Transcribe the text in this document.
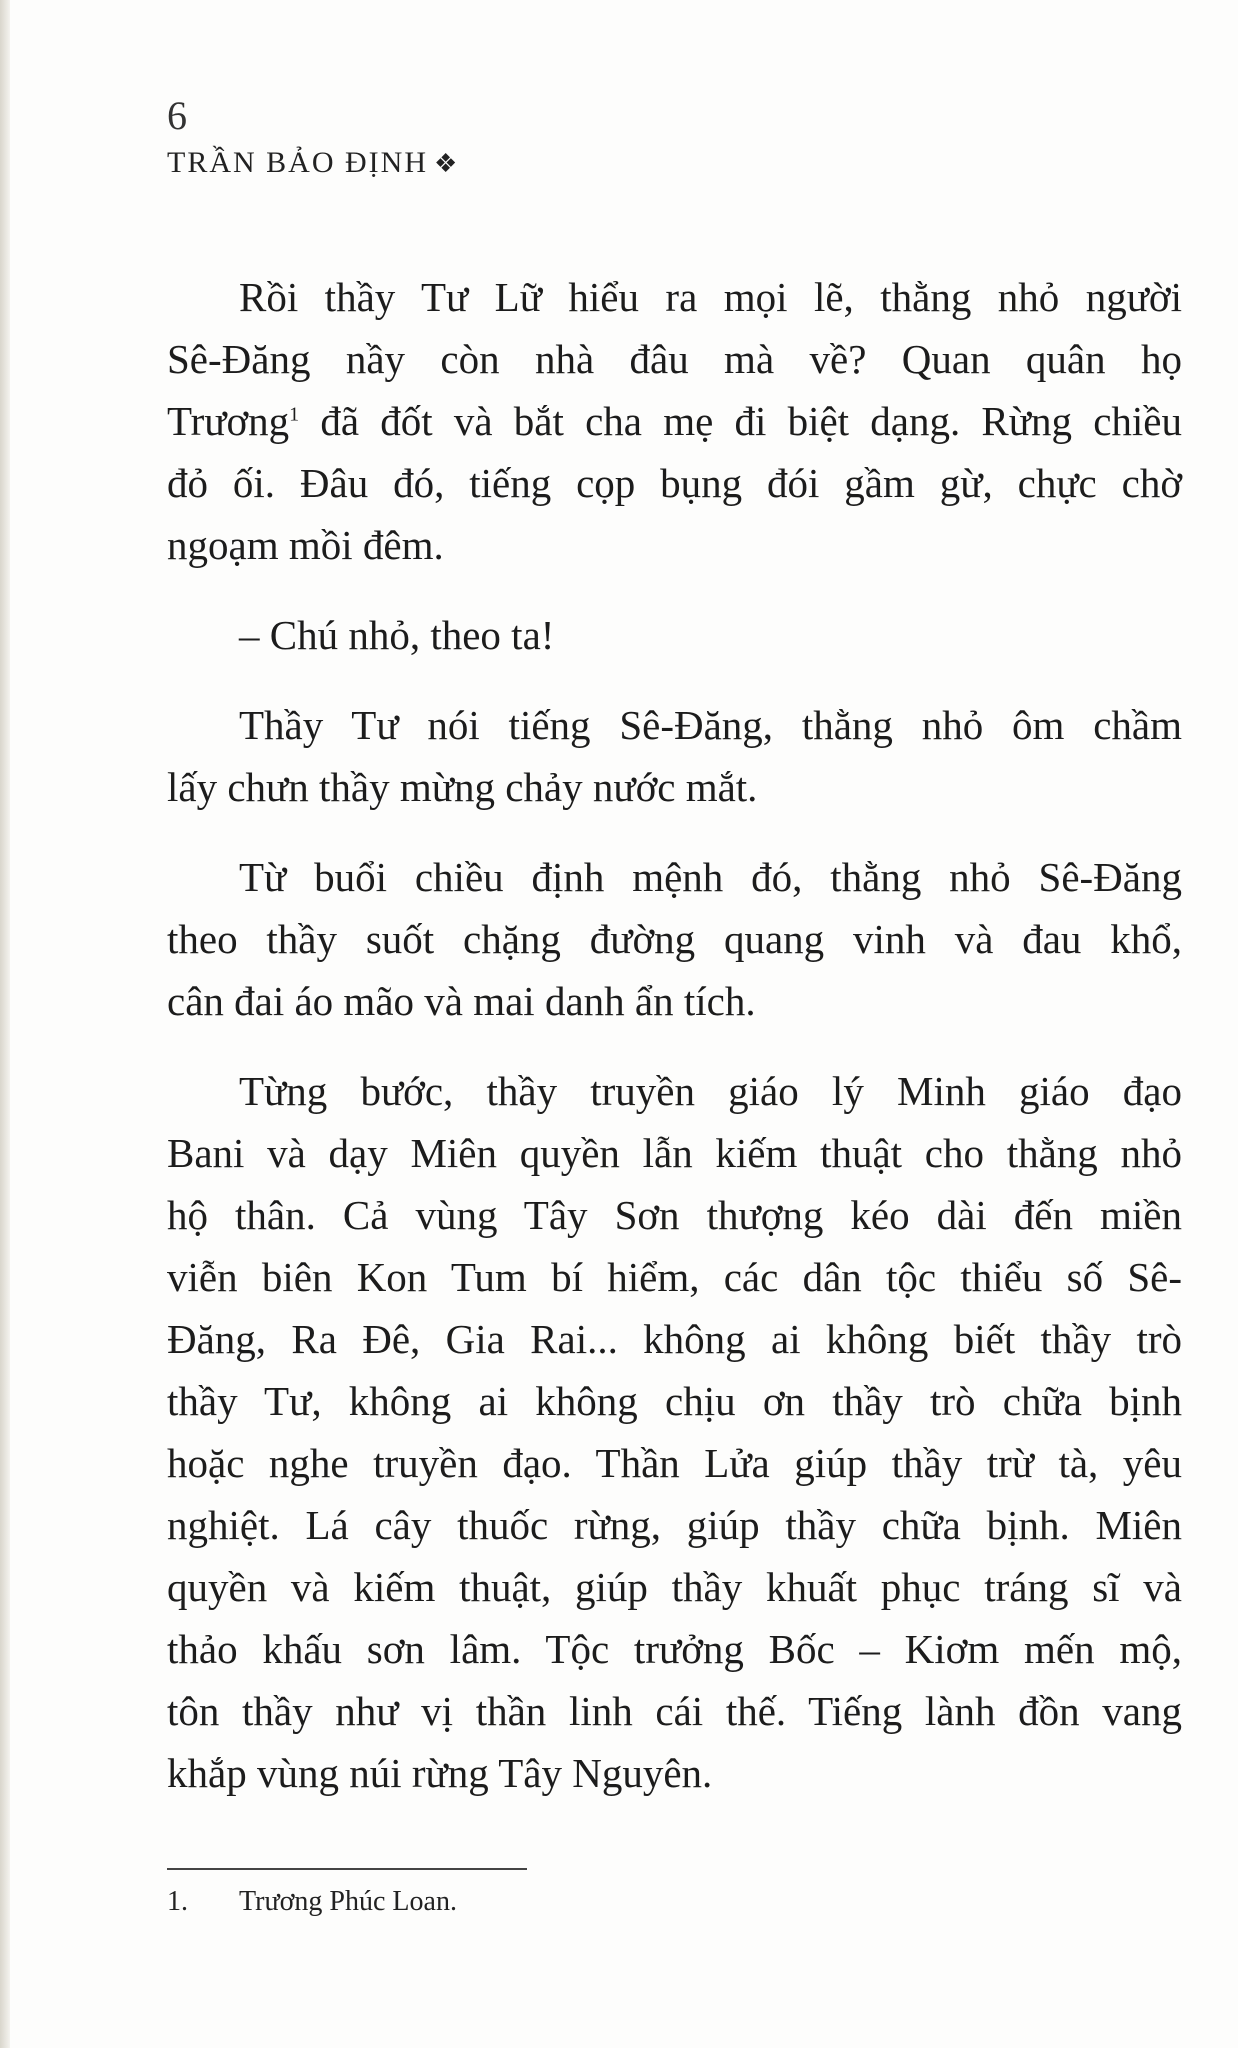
6
TRẦN BẢO ĐỊNH ❖
Rồi thầy Tư Lữ hiểu ra mọi lẽ, thằng nhỏ người
Sê-Đăng nầy còn nhà đâu mà về? Quan quân họ
Trương$^1$ đã đốt và bắt cha mẹ đi biệt dạng. Rừng chiều
đỏ ối. Đâu đó, tiếng cọp bụng đói gầm gừ, chực chờ
ngoạm mồi đêm.
– Chú nhỏ, theo ta!
Thầy Tư nói tiếng Sê-Đăng, thằng nhỏ ôm chầm
lấy chưn thầy mừng chảy nước mắt.
Từ buổi chiều định mệnh đó, thằng nhỏ Sê-Đăng
theo thầy suốt chặng đường quang vinh và đau khổ,
cân đai áo mão và mai danh ẩn tích.
Từng bước, thầy truyền giáo lý Minh giáo đạo
Bani và dạy Miên quyền lẫn kiếm thuật cho thằng nhỏ
hộ thân. Cả vùng Tây Sơn thượng kéo dài đến miền
viễn biên Kon Tum bí hiểm, các dân tộc thiểu số Sê-
Đăng, Ra Đê, Gia Rai... không ai không biết thầy trò
thầy Tư, không ai không chịu ơn thầy trò chữa bịnh
hoặc nghe truyền đạo. Thần Lửa giúp thầy trừ tà, yêu
nghiệt. Lá cây thuốc rừng, giúp thầy chữa bịnh. Miên
quyền và kiếm thuật, giúp thầy khuất phục tráng sĩ và
thảo khấu sơn lâm. Tộc trưởng Bốc – Kiơm mến mộ,
tôn thầy như vị thần linh cái thế. Tiếng lành đồn vang
khắp vùng núi rừng Tây Nguyên.
1. Trương Phúc Loan.
